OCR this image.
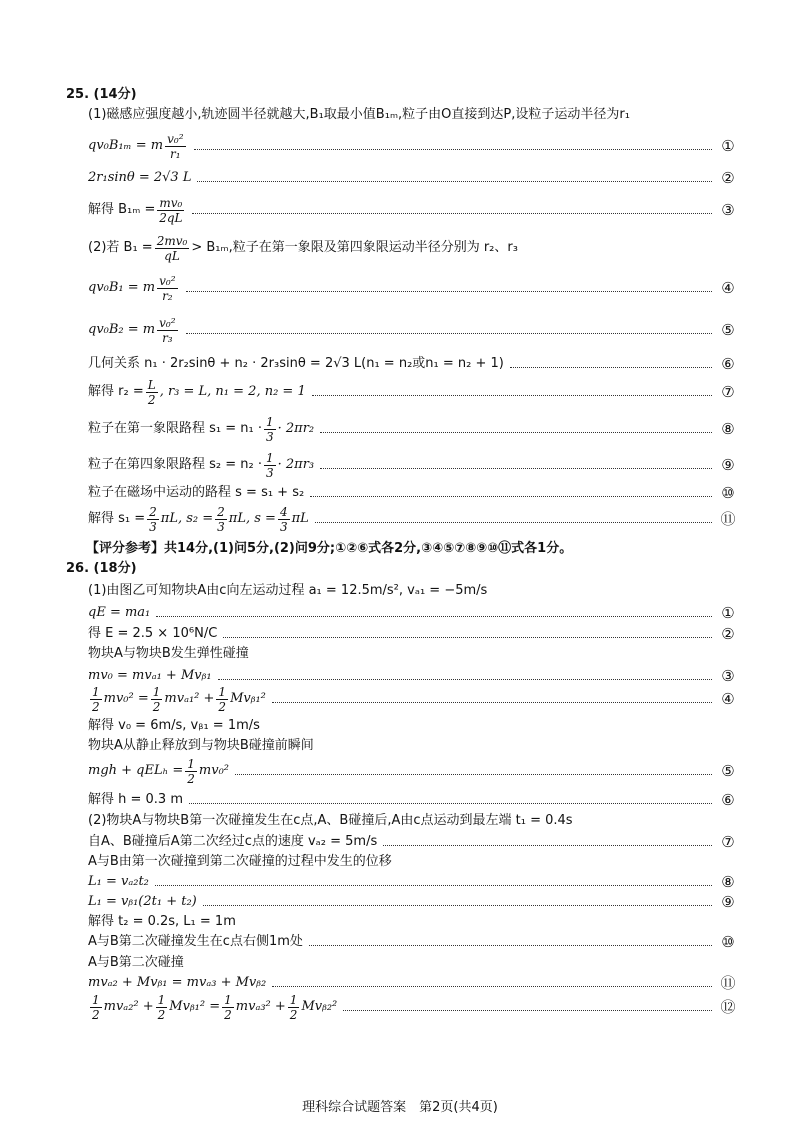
25. (14分)
(1)磁感应强度越小,轨迹圆半径就越大,B₁取最小值B₁ₘ,粒子由O直接到达P,设粒子运动半径为r₁
qv₀B₁ₘ = m $\frac{\text{v₀²}}{\text{r₁}}$	①
2r₁sinθ = 2√3 L	②
解得 $B_{1m} = \frac{\text{mv₀}}{2qL}$	③
(2)若 $B_1 = \frac{\text{2mv₀}}{qL} > B_{1m}$,粒子在第一象限及第四象限运动半径分别为 r₂、r₃
qv₀B₁ = m $\frac{\text{v₀²}}{\text{r₂}}$	④
qv₀B₂ = m $\frac{\text{v₀²}}{\text{r₃}}$	⑤
几何关系 n₁ · 2r₂sinθ + n₂ · 2r₃sinθ = 2√3 L(n₁ = n₂或n₁ = n₂ + 1)	⑥
解得 $r_2 = \frac{L}{2}$ , r₃ = L, n₁ = 2, n₂ = 1	⑦
粒子在第一象限路程 $s_1 = n_1 \cdot \frac{1}{3} \cdot 2\pi r_2$	⑧
粒子在第四象限路程 $s_2 = n_2 \cdot \frac{1}{3} \cdot 2\pi r_3$	⑨
粒子在磁场中运动的路程 s = s₁ + s₂	⑩
解得 $s_1 = \frac{2}{3} \pi L$, $s_2 = \frac{2}{3} \pi L$, $s = \frac{4}{3}$ πL	⑪
【评分参考】共14分,(1)问5分,(2)问9分;①②⑥式各2分,③④⑤⑦⑧⑨⑩⑪式各1分。
26. (18分)
(1)由图乙可知物块A由c向左运动过程 a₁ = 12.5m/s², vₐ₁ = −5m/s
qE = ma₁	①
得 E = 2.5 × 10⁶N/C	②
物块A与物块B发生弹性碰撞
mv₀ = mvₐ₁ + Mvᵦ₁	③
$\frac{1}{2} mv_0^2 = \frac{1}{2} mv_{a1}^2 + \frac{1}{2}$ Mvᵦ₁²	④
解得 v₀ = 6m/s, vᵦ₁ = 1m/s
物块A从静止释放到与物块B碰撞前瞬间
mgh + $qEL_h = \frac{1}{2} mv_0^2$	⑤
解得 h = 0.3 m	⑥
(2)物块A与物块B第一次碰撞发生在c点,A、B碰撞后,A由c点运动到最左端 t₁ = 0.4s
自A、B碰撞后A第二次经过c点的速度 vₐ₂ = 5m/s	⑦
A与B由第一次碰撞到第二次碰撞的过程中发生的位移
L₁ = vₐ₂t₂	⑧
L₁ = vᵦ₁(2t₁ + t₂)	⑨
解得 t₂ = 0.2s, L₁ = 1m
A与B第二次碰撞发生在c点右侧1m处	⑩
A与B第二次碰撞
mvₐ₂ + Mvᵦ₁ = mvₐ₃ + Mvᵦ₂	⑪
$\frac{1}{2} mv_{a2}^2 + \frac{1}{2}$ Mvᵦ₁² = $\frac{1}{2} mv_{a3}^2 + \frac{1}{2}$ Mvᵦ₂²	⑫
理科综合试题答案　第2页(共4页)
